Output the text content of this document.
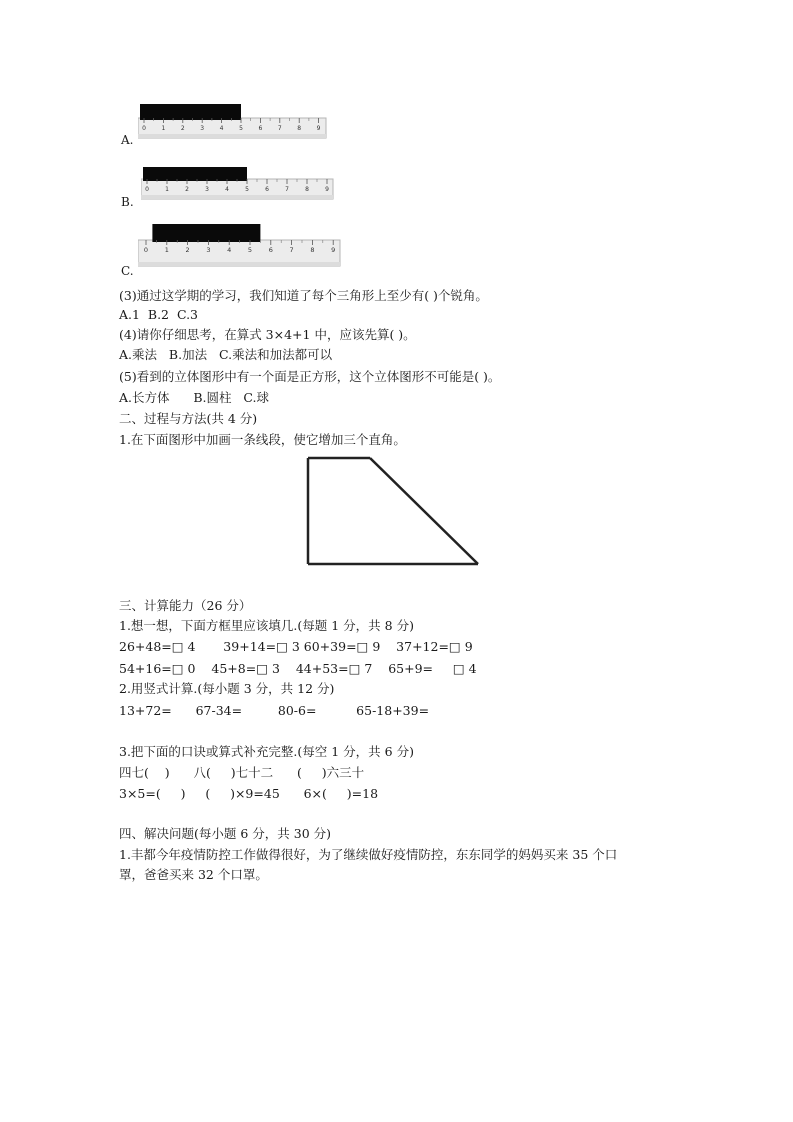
A.
0	1	2	3	4	5	6	7	8	9
B.
0	1	2	3	4	5	6	7	8	9
C.
0	1	2	3	4	5	6	7	8	9
(3)通过这学期的学习，我们知道了每个三角形上至少有( )个锐角。
A.1  B.2  C.3
(4)请你仔细思考，在算式 3×4+1 中，应该先算( )。
A.乘法   B.加法   C.乘法和加法都可以
(5)看到的立体图形中有一个面是正方形，这个立体图形不可能是( )。
A.长方体      B.圆柱   C.球
二、过程与方法(共 4 分)
1.在下面图形中加画一条线段，使它增加三个直角。
三、计算能力（26 分）
1.想一想，下面方框里应该填几.(每题 1 分，共 8 分)
26+48=□ 4       39+14=□ 3 60+39=□ 9    37+12=□ 9
54+16=□ 0    45+8=□ 3    44+53=□ 7    65+9=     □ 4
2.用竖式计算.(每小题 3 分，共 12 分)
13+72=      67-34=         80-6=          65-18+39=
3.把下面的口诀或算式补充完整.(每空 1 分，共 6 分)
四七(    )      八(     )七十二      (     )六三十
3×5=(     )     (     )×9=45      6×(     )=18
四、解决问题(每小题 6 分，共 30 分)
1.丰都今年疫情防控工作做得很好，为了继续做好疫情防控，东东同学的妈妈买来 35 个口
罩，爸爸买来 32 个口罩。
